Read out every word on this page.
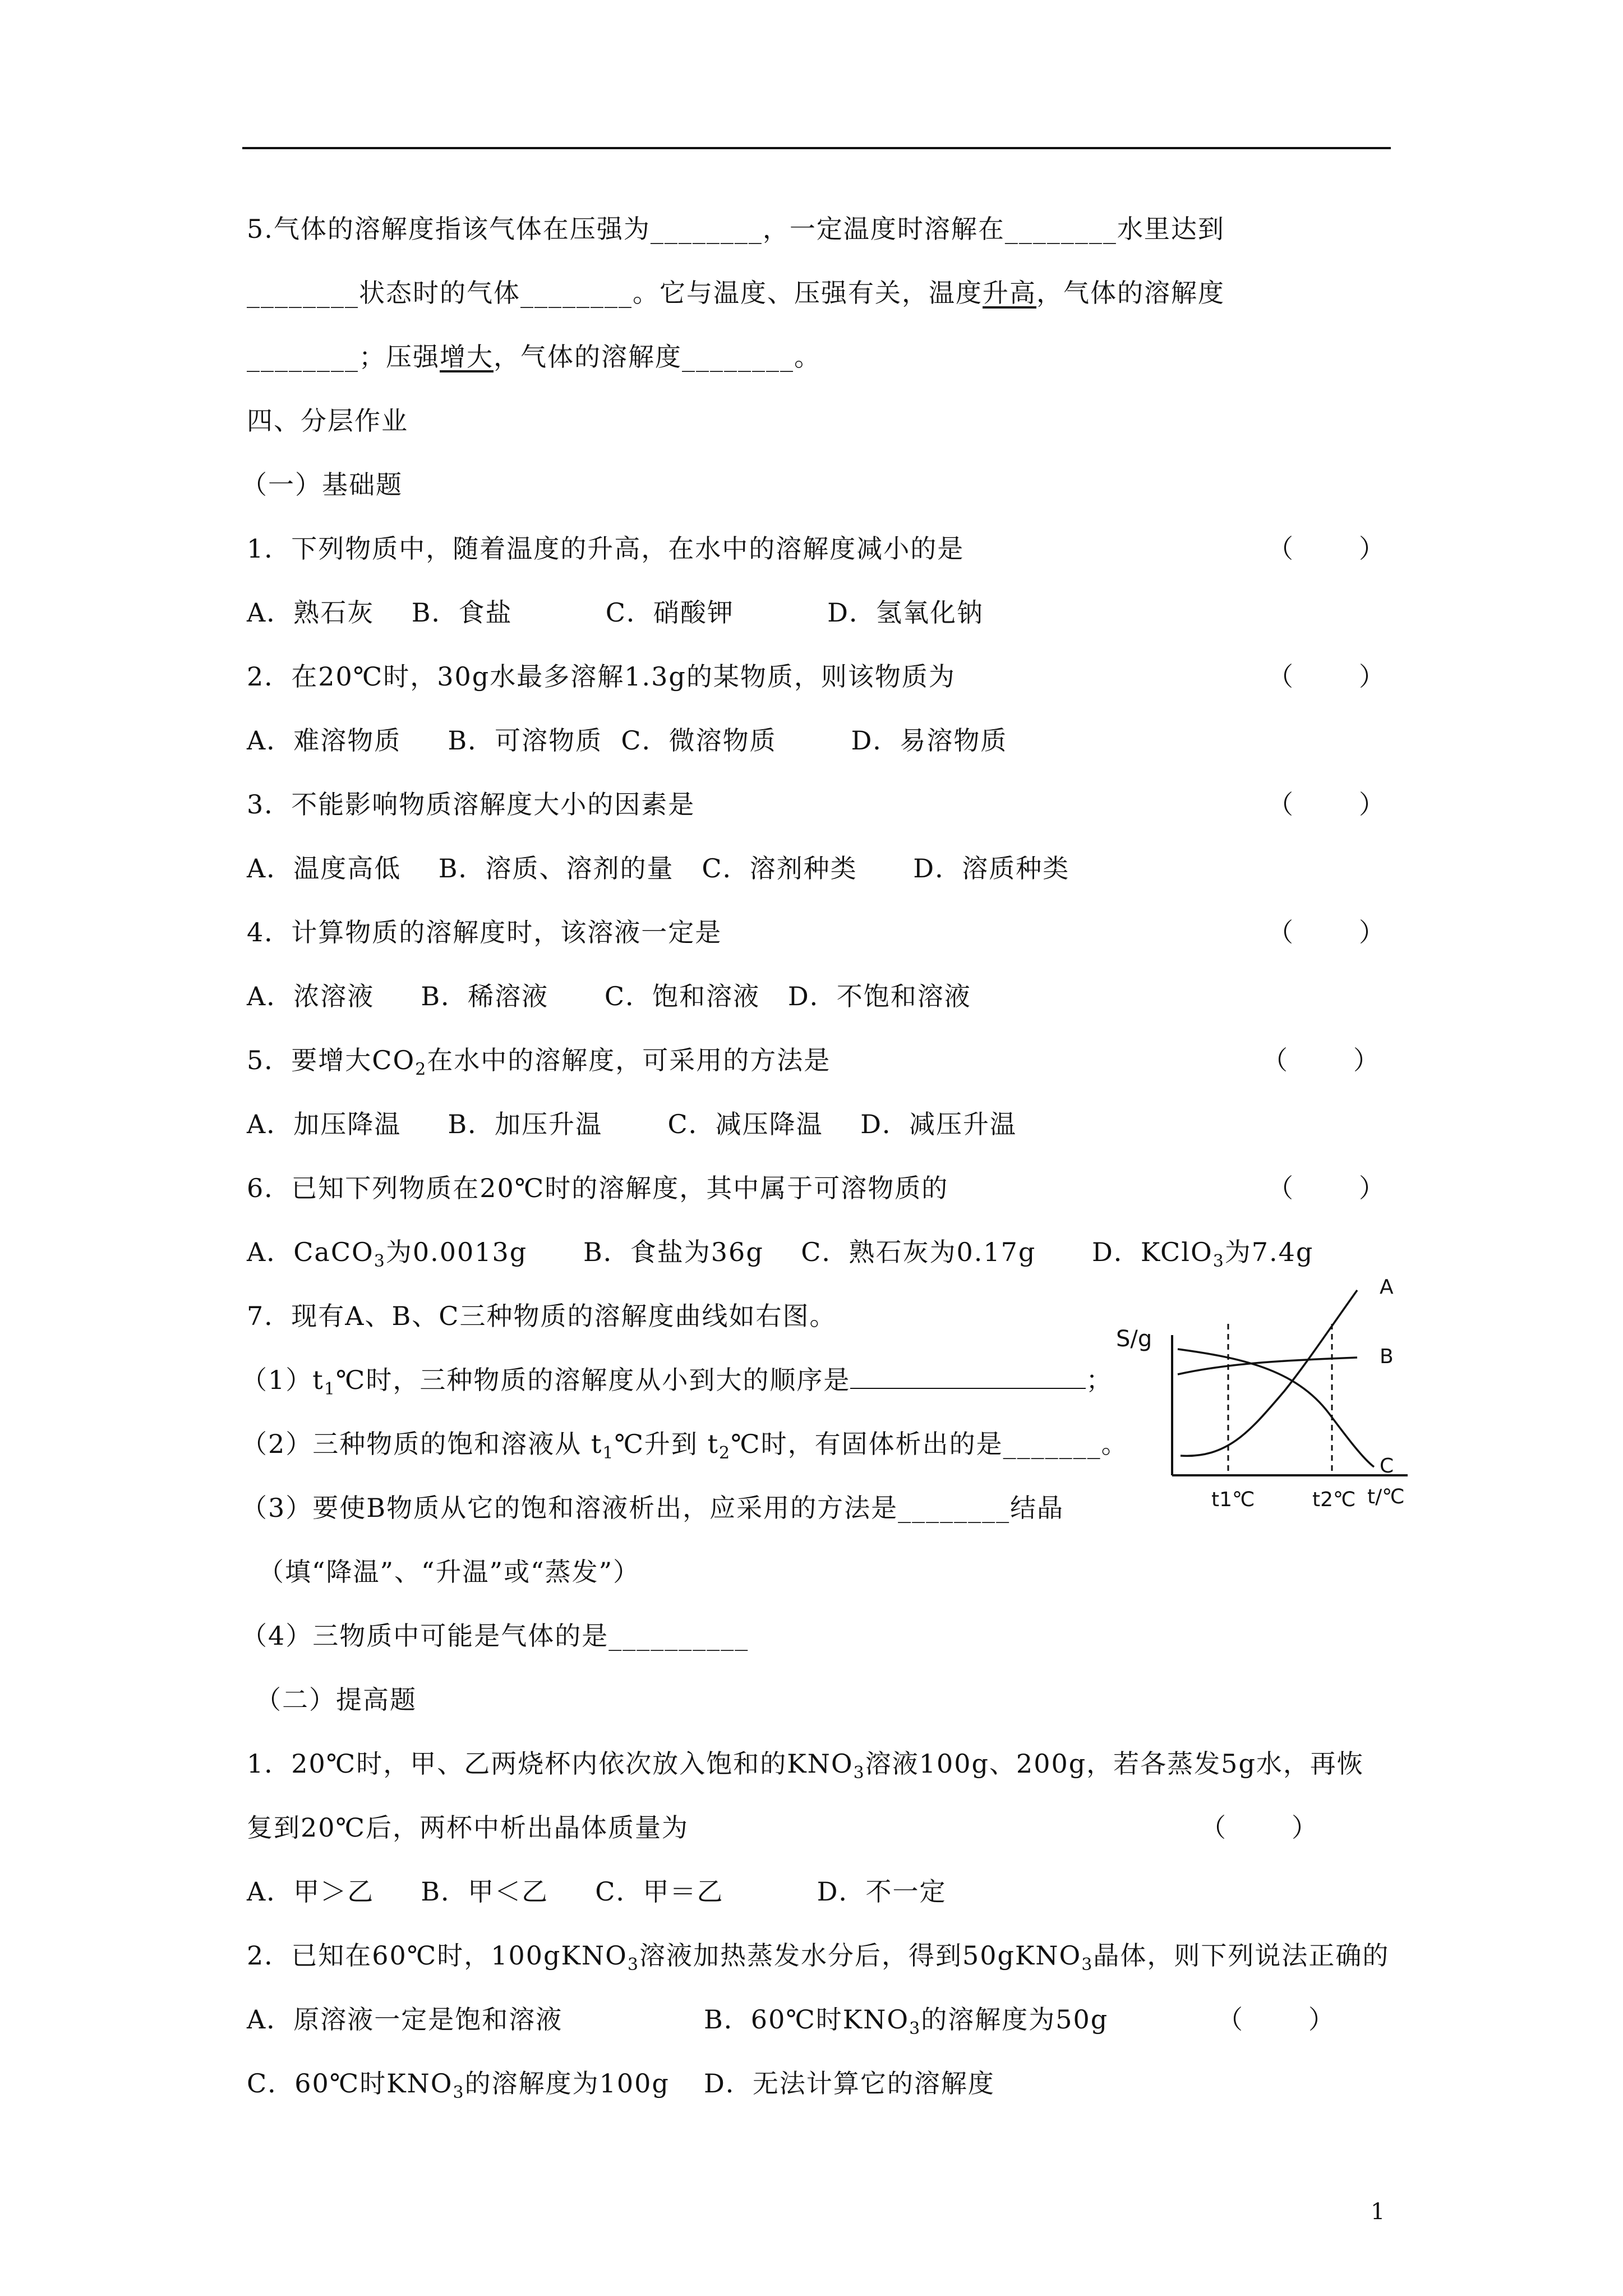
5.气体的溶解度指该气体在压强为________，一定温度时溶解在________水里达到
________状态时的气体________。它与温度、压强有关，温度升高，气体的溶解度
________；压强增大，气体的溶解度________。
四、分层作业
（一）基础题
1．下列物质中，随着温度的升高，在水中的溶解度减小的是	（        ）
A．熟石灰    B．食盐          C．硝酸钾          D．氢氧化钠
2．在20℃时，30g水最多溶解1.3g的某物质，则该物质为	（        ）
A．难溶物质     B．可溶物质  C．微溶物质        D．易溶物质
3．不能影响物质溶解度大小的因素是	（        ）
A．温度高低    B．溶质、溶剂的量   C．溶剂种类      D．溶质种类
4．计算物质的溶解度时，该溶液一定是	（        ）
A．浓溶液     B．稀溶液      C．饱和溶液   D．不饱和溶液
5．要增大$CO_2$在水中的溶解度，可采用的方法是	（        ）
A．加压降温     B．加压升温       C．减压降温    D．减压升温
6．已知下列物质在20℃时的溶解度，其中属于可溶物质的	（        ）
A．CaCO$_3$为0.0013g      B．食盐为36g    C．熟石灰为0.17g      D．KClO$_3$为7.4g
7．现有A、B、C三种物质的溶解度曲线如右图。
$(1)t_1℃$时，三种物质的溶解度从小到大的顺序是	；
（2）三种物质的饱和溶液从 $t_1℃$升到 $t_2℃$时，有固体析出的是_______。
（3）要使B物质从它的饱和溶液析出，应采用的方法是________结晶
（填“降温”、“升温”或“蒸发”）
（4）三物质中可能是气体的是__________
S/g
A
B
C
t1℃	t2℃ t/℃
（二）提高题
1．20℃时，甲、乙两烧杯内依次放入饱和的$KNO_3$溶液100g、200g，若各蒸发5g水，再恢
复到20℃后，两杯中析出晶体质量为	（        ）
A．甲＞乙     B．甲＜乙     C．甲＝乙          D．不一定
2．已知在60℃时，100gKNO$_3$溶液加热蒸发水分后，得到50gKNO$_3$晶体，则下列说法正确的
A．原溶液一定是饱和溶液	B．60℃时$KNO_3$的溶解度为50g	（        ）
C．60℃时$KNO_3$的溶解度为100g D．无法计算它的溶解度
1
